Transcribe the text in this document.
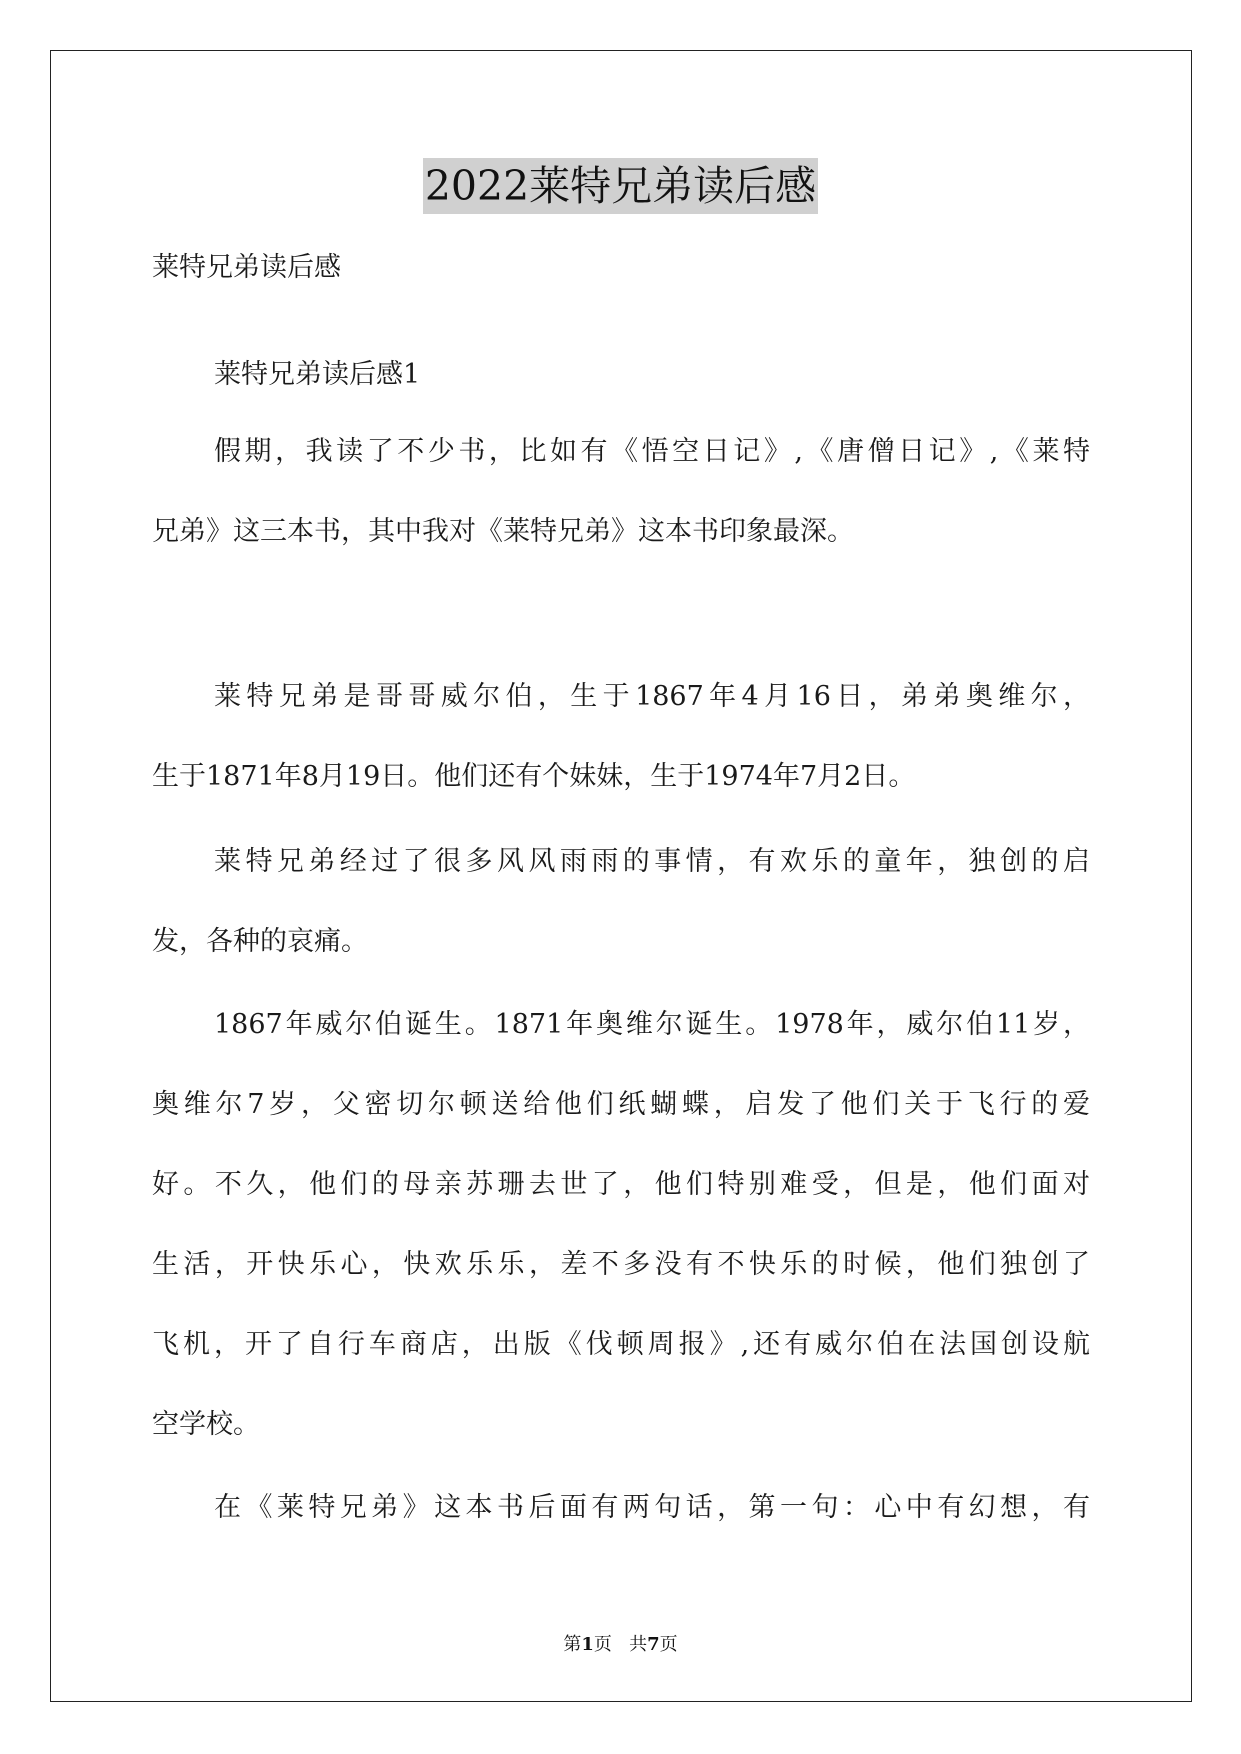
2022莱特兄弟读后感
莱特兄弟读后感
莱特兄弟读后感1
假期，我读了不少书，比如有《悟空日记》,《唐僧日记》,《莱特
兄弟》这三本书，其中我对《莱特兄弟》这本书印象最深。
莱特兄弟是哥哥威尔伯，生于1867年4月16日，弟弟奥维尔，
生于1871年8月19日。他们还有个妹妹，生于1974年7月2日。
莱特兄弟经过了很多风风雨雨的事情，有欢乐的童年，独创的启
发，各种的哀痛。
1867年威尔伯诞生。1871年奥维尔诞生。1978年，威尔伯11岁，
奥维尔7岁，父密切尔顿送给他们纸蝴蝶，启发了他们关于飞行的爱
好。不久，他们的母亲苏珊去世了，他们特别难受，但是，他们面对
生活，开快乐心，快欢乐乐，差不多没有不快乐的时候，他们独创了
飞机，开了自行车商店，出版《伐顿周报》,还有威尔伯在法国创设航
空学校。
在《莱特兄弟》这本书后面有两句话，第一句：心中有幻想，有
第1页 共7页
